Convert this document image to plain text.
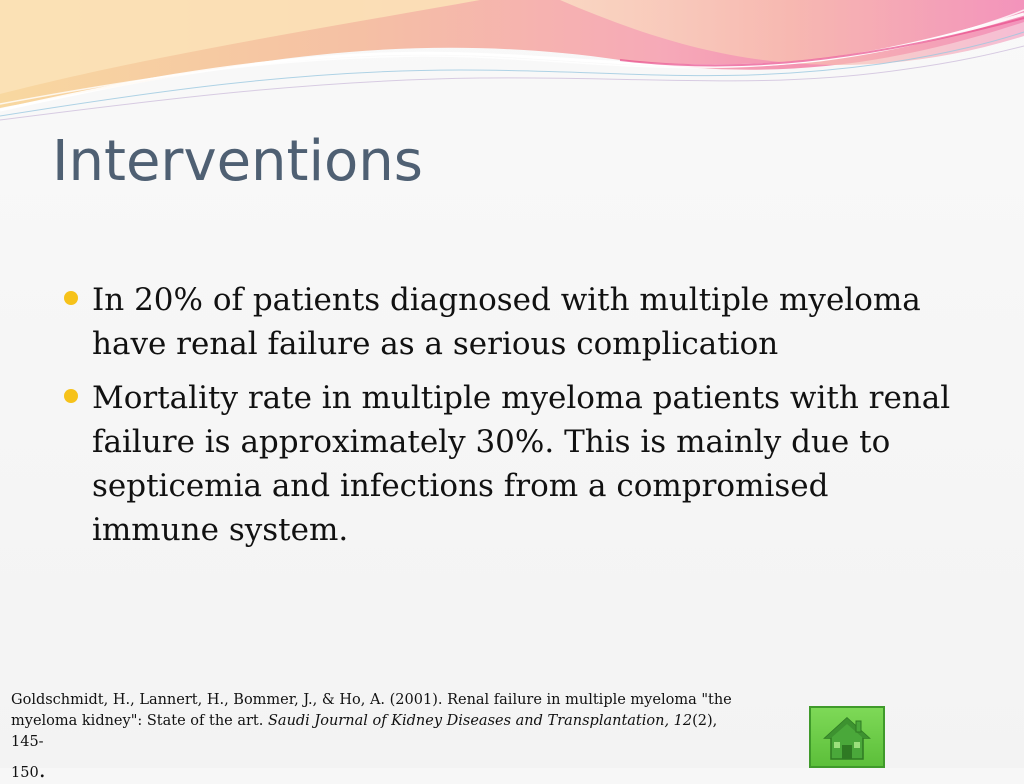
Interventions
In 20% of patients diagnosed with multiple myeloma have renal failure as a serious complication
Mortality rate in multiple myeloma patients with renal failure is approximately 30%. This is mainly due to septicemia and infections from a compromised immune system.

Goldschmidt, H., Lannert, H., Bommer, J., & Ho, A. (2001). Renal failure in multiple myeloma "the myeloma kidney": State of the art. Saudi Journal of Kidney Diseases and Transplantation, 12(2), 145-
150.
